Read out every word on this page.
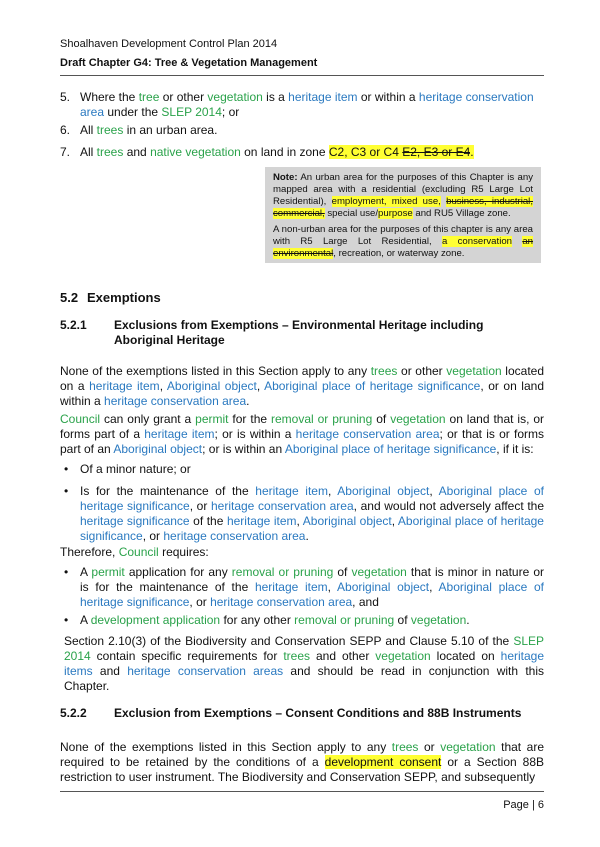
Shoalhaven Development Control Plan 2014
Draft Chapter G4: Tree & Vegetation Management
5. Where the tree or other vegetation is a heritage item or within a heritage conservation area under the SLEP 2014; or
6. All trees in an urban area.
7. All trees and native vegetation on land in zone C2, C3 or C4 E2, E3 or E4.
Note: An urban area for the purposes of this Chapter is any mapped area with a residential (excluding R5 Large Lot Residential), employment, mixed use, business, industrial, commercial, special use/purpose and RU5 Village zone.
A non-urban area for the purposes of this chapter is any area with R5 Large Lot Residential, a conservation an environmental, recreation, or waterway zone.
5.2 Exemptions
5.2.1 Exclusions from Exemptions – Environmental Heritage including Aboriginal Heritage
None of the exemptions listed in this Section apply to any trees or other vegetation located on a heritage item, Aboriginal object, Aboriginal place of heritage significance, or on land within a heritage conservation area.
Council can only grant a permit for the removal or pruning of vegetation on land that is, or forms part of a heritage item; or is within a heritage conservation area; or that is or forms part of an Aboriginal object; or is within an Aboriginal place of heritage significance, if it is:
• Of a minor nature; or
• Is for the maintenance of the heritage item, Aboriginal object, Aboriginal place of heritage significance, or heritage conservation area, and would not adversely affect the heritage significance of the heritage item, Aboriginal object, Aboriginal place of heritage significance, or heritage conservation area.
Therefore, Council requires:
• A permit application for any removal or pruning of vegetation that is minor in nature or is for the maintenance of the heritage item, Aboriginal object, Aboriginal place of heritage significance, or heritage conservation area, and
• A development application for any other removal or pruning of vegetation.
Section 2.10(3) of the Biodiversity and Conservation SEPP and Clause 5.10 of the SLEP 2014 contain specific requirements for trees and other vegetation located on heritage items and heritage conservation areas and should be read in conjunction with this Chapter.
5.2.2 Exclusion from Exemptions – Consent Conditions and 88B Instruments
None of the exemptions listed in this Section apply to any trees or vegetation that are required to be retained by the conditions of a development consent or a Section 88B restriction to user instrument. The Biodiversity and Conservation SEPP, and subsequently
Page | 6
